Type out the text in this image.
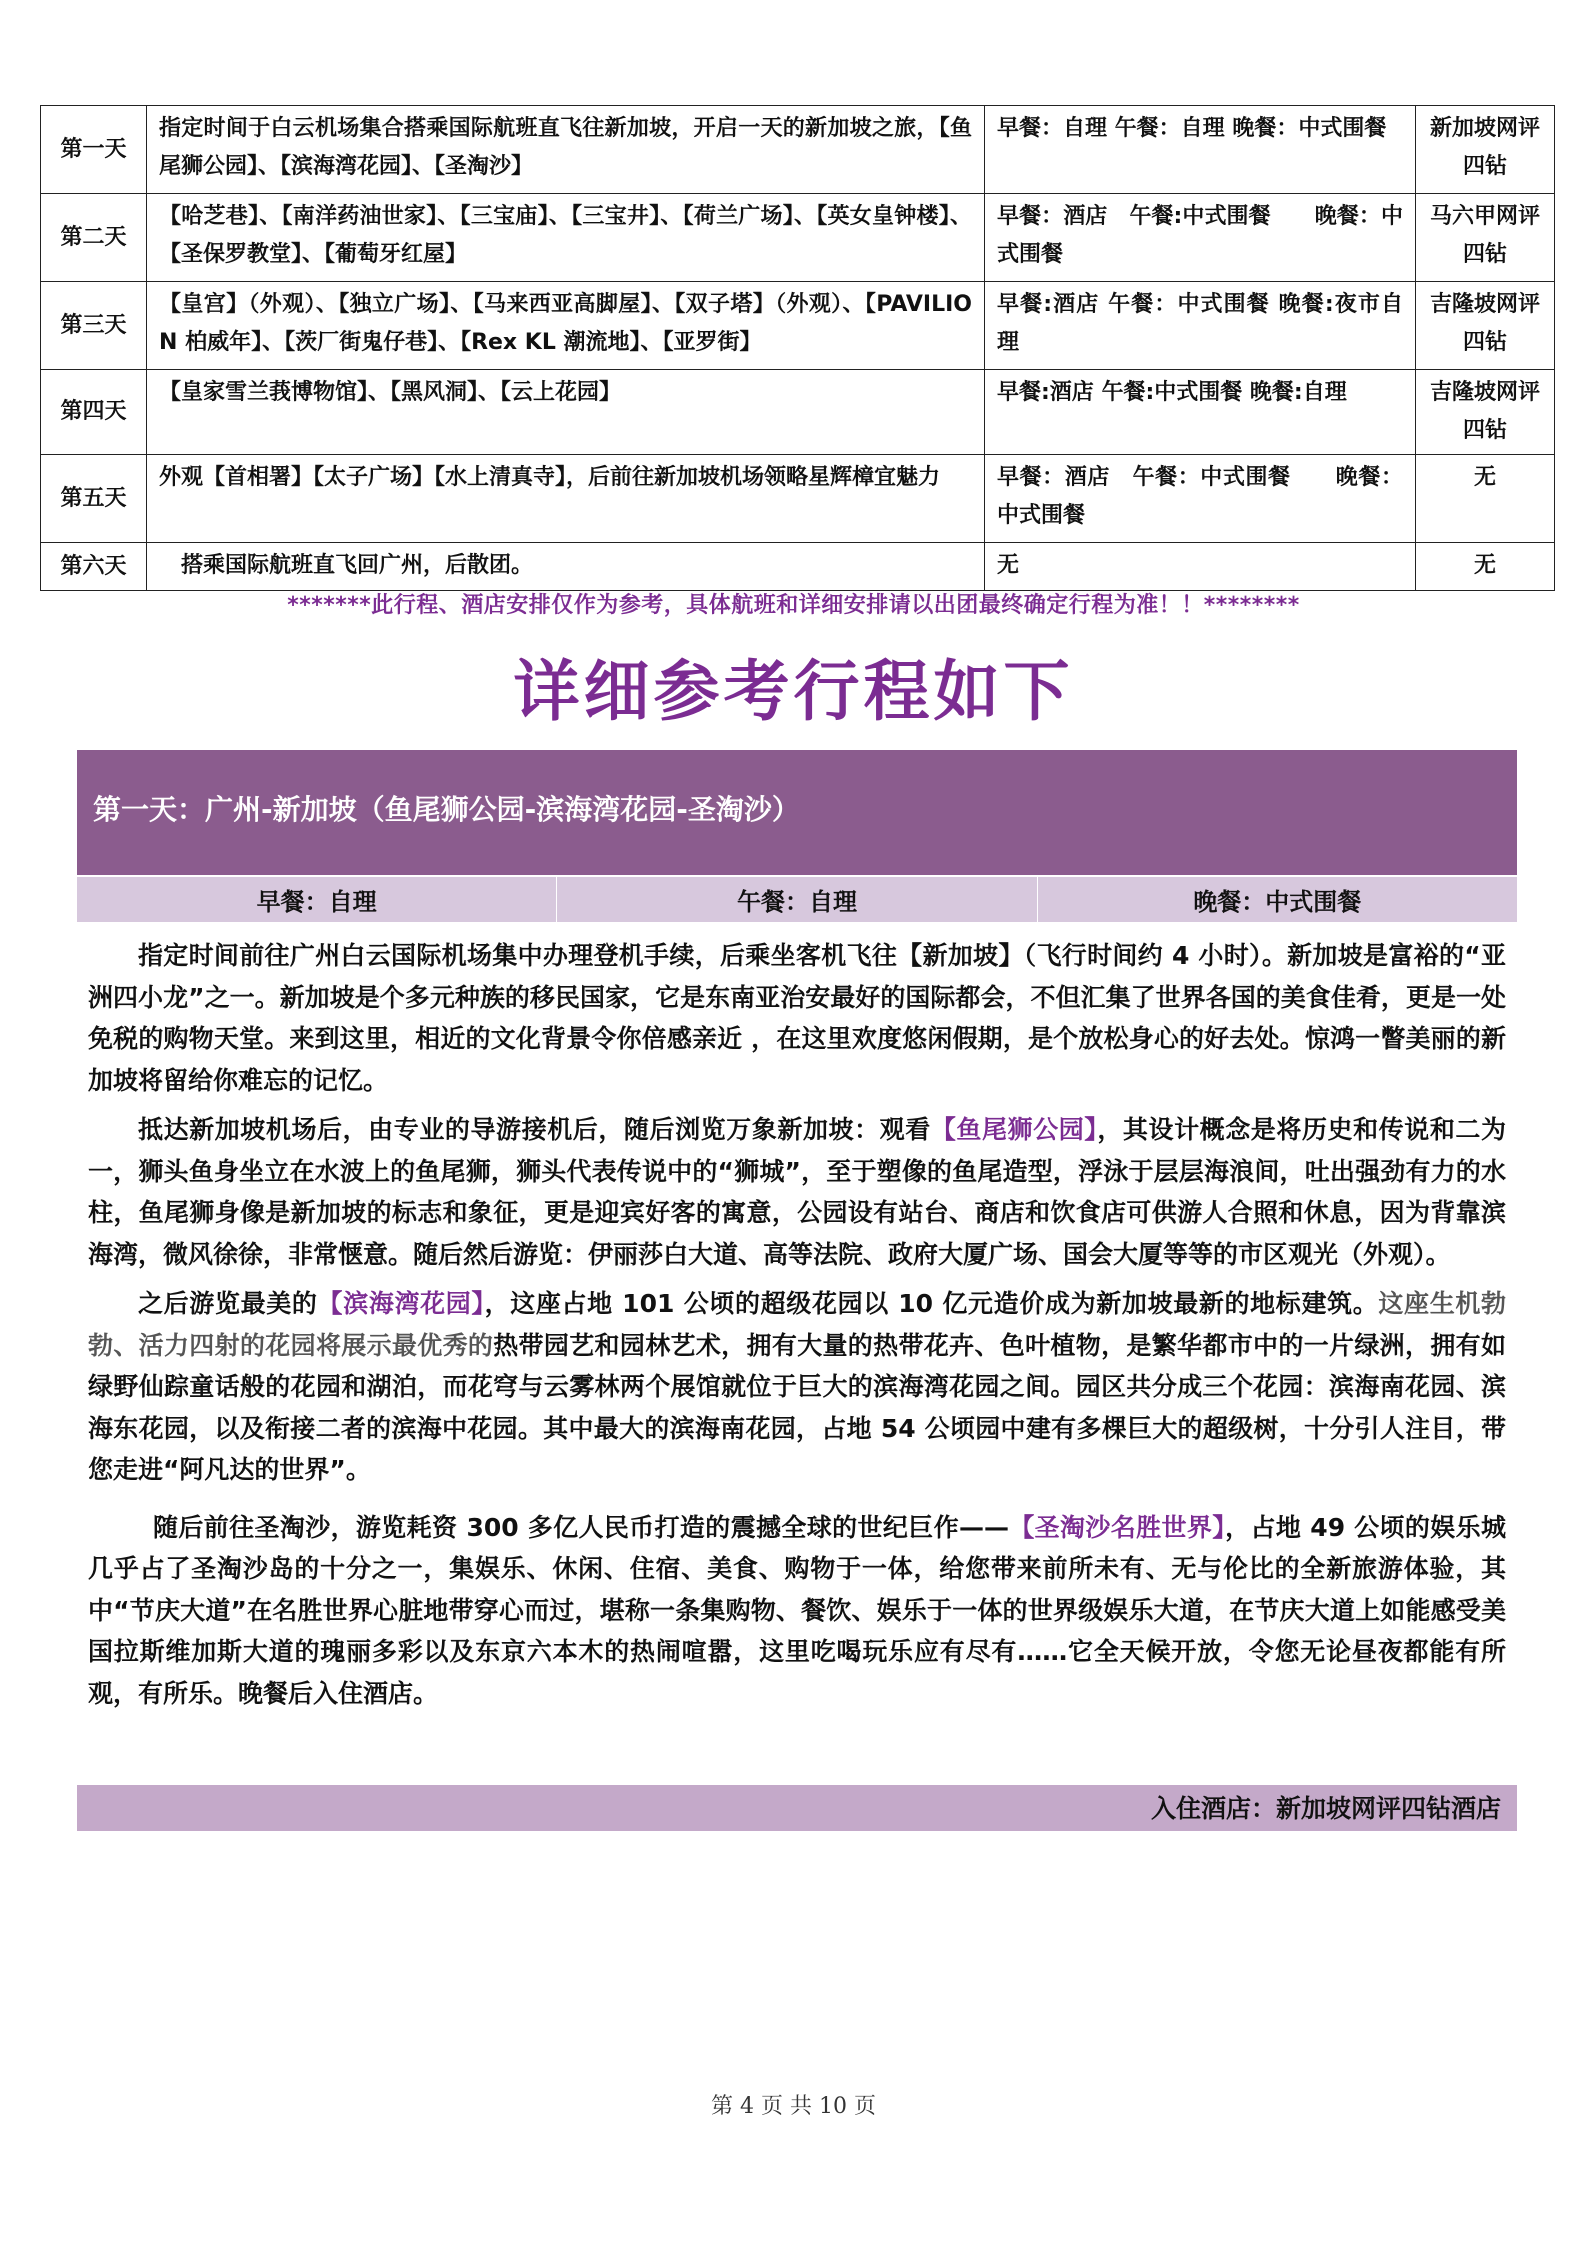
第一天	指定时间于白云机场集合搭乘国际航班直飞往新加坡，开启一天的新加坡之旅，【鱼尾狮公园】、【滨海湾花园】、【圣淘沙】	早餐：自理 午餐：自理 晚餐：中式围餐	新加坡网评四钻
第二天	【哈芝巷】、【南洋药油世家】、【三宝庙】、【三宝井】、【荷兰广场】、【英女皇钟楼】、【圣保罗教堂】、【葡萄牙红屋】	早餐：酒店　午餐:中式围餐　　晚餐：中式围餐	马六甲网评四钻
第三天	【皇宫】（外观）、【独立广场】、【马来西亚高脚屋】、【双子塔】（外观）、【PAVILION 柏威年】、【茨厂街鬼仔巷】、【Rex KL 潮流地】、【亚罗街】	早餐:酒店 午餐：中式围餐 晚餐:夜市自理	吉隆坡网评四钻
第四天	【皇家雪兰莪博物馆】、【黑风洞】、【云上花园】	早餐:酒店 午餐:中式围餐 晚餐:自理	吉隆坡网评四钻
第五天	外观【首相署】【太子广场】【水上清真寺】，后前往新加坡机场领略星辉樟宜魅力	早餐：酒店　午餐：中式围餐　　晚餐：中式围餐	无
第六天	　搭乘国际航班直飞回广州，后散团。	无	无
*******此行程、酒店安排仅作为参考，具体航班和详细安排请以出团最终确定行程为准！！********
详细参考行程如下
第一天：广州-新加坡（鱼尾狮公园-滨海湾花园-圣淘沙）
早餐：自理	午餐：自理	晚餐：中式围餐

指定时间前往广州白云国际机场集中办理登机手续，后乘坐客机飞往【新加坡】（飞行时间约 4 小时）。新加坡是富裕的“亚洲四小龙”之一。新加坡是个多元种族的移民国家，它是东南亚治安最好的国际都会，不但汇集了世界各国的美食佳肴，更是一处免税的购物天堂。来到这里，相近的文化背景令你倍感亲近 ，在这里欢度悠闲假期，是个放松身心的好去处。惊鸿一瞥美丽的新加坡将留给你难忘的记忆。

抵达新加坡机场后，由专业的导游接机后，随后浏览万象新加坡：观看【鱼尾狮公园】，其设计概念是将历史和传说和二为一，狮头鱼身坐立在水波上的鱼尾狮，狮头代表传说中的“狮城”，至于塑像的鱼尾造型，浮泳于层层海浪间，吐出强劲有力的水柱，鱼尾狮身像是新加坡的标志和象征，更是迎宾好客的寓意，公园设有站台、商店和饮食店可供游人合照和休息，因为背靠滨海湾，微风徐徐，非常惬意。随后然后游览：伊丽莎白大道、高等法院、政府大厦广场、国会大厦等等的市区观光（外观）。

之后游览最美的【滨海湾花园】，这座占地 101 公顷的超级花园以 10 亿元造价成为新加坡最新的地标建筑。这座生机勃勃、活力四射的花园将展示最优秀的热带园艺和园林艺术，拥有大量的热带花卉、色叶植物，是繁华都市中的一片绿洲，拥有如绿野仙踪童话般的花园和湖泊，而花穹与云雾林两个展馆就位于巨大的滨海湾花园之间。园区共分成三个花园：滨海南花园、滨海东花园，以及衔接二者的滨海中花园。其中最大的滨海南花园，占地 54 公顷园中建有多棵巨大的超级树，十分引人注目，带您走进“阿凡达的世界”。

随后前往圣淘沙，游览耗资 300 多亿人民币打造的震撼全球的世纪巨作——【圣淘沙名胜世界】，占地 49 公顷的娱乐城几乎占了圣淘沙岛的十分之一，集娱乐、休闲、住宿、美食、购物于一体，给您带来前所未有、无与伦比的全新旅游体验，其中“节庆大道”在名胜世界心脏地带穿心而过，堪称一条集购物、餐饮、娱乐于一体的世界级娱乐大道，在节庆大道上如能感受美国拉斯维加斯大道的瑰丽多彩以及东京六本木的热闹喧嚣，这里吃喝玩乐应有尽有……它全天候开放，令您无论昼夜都能有所观，有所乐。晚餐后入住酒店。

入住酒店：新加坡网评四钻酒店
第 4 页 共 10 页
